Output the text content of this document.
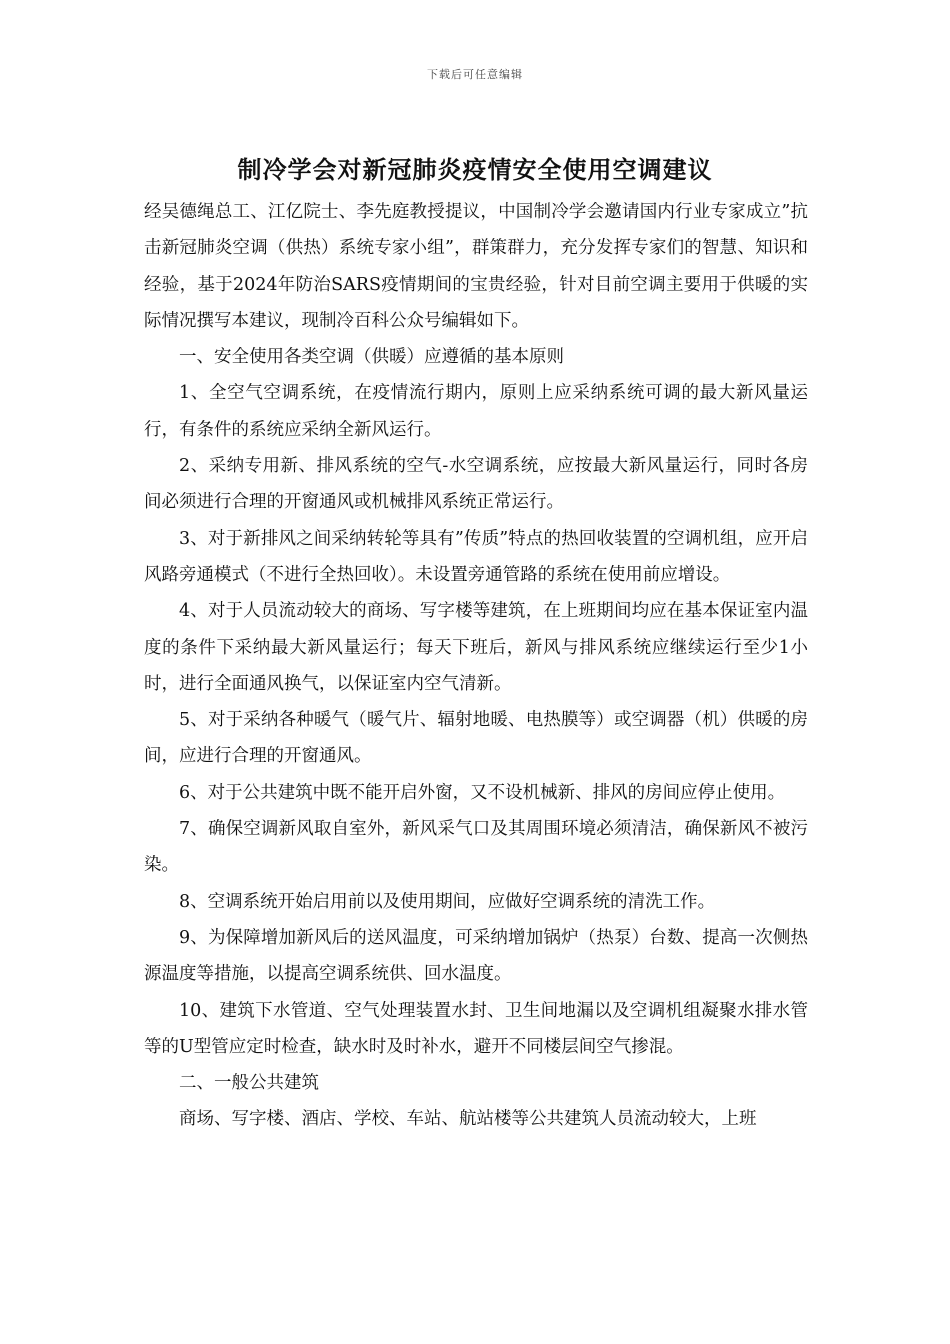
下载后可任意编辑
制冷学会对新冠肺炎疫情安全使用空调建议

经吴德绳总工、江亿院士、李先庭教授提议，中国制冷学会邀请国内行业专家成立”抗击新冠肺炎空调（供热）系统专家小组”，群策群力，充分发挥专家们的智慧、知识和经验，基于2024年防治SARS疫情期间的宝贵经验，针对目前空调主要用于供暖的实际情况撰写本建议，现制冷百科公众号编辑如下。

一、安全使用各类空调（供暖）应遵循的基本原则

1、全空气空调系统，在疫情流行期内，原则上应采纳系统可调的最大新风量运行，有条件的系统应采纳全新风运行。

2、采纳专用新、排风系统的空气-水空调系统，应按最大新风量运行，同时各房间必须进行合理的开窗通风或机械排风系统正常运行。

3、对于新排风之间采纳转轮等具有”传质”特点的热回收装置的空调机组，应开启风路旁通模式（不进行全热回收）。未设置旁通管路的系统在使用前应增设。

4、对于人员流动较大的商场、写字楼等建筑，在上班期间均应在基本保证室内温度的条件下采纳最大新风量运行；每天下班后，新风与排风系统应继续运行至少1小时，进行全面通风换气，以保证室内空气清新。

5、对于采纳各种暖气（暖气片、辐射地暖、电热膜等）或空调器（机）供暖的房间，应进行合理的开窗通风。

6、对于公共建筑中既不能开启外窗，又不设机械新、排风的房间应停止使用。

7、确保空调新风取自室外，新风采气口及其周围环境必须清洁，确保新风不被污染。

8、空调系统开始启用前以及使用期间，应做好空调系统的清洗工作。

9、为保障增加新风后的送风温度，可采纳增加锅炉（热泵）台数、提高一次侧热源温度等措施，以提高空调系统供、回水温度。

10、建筑下水管道、空气处理装置水封、卫生间地漏以及空调机组凝聚水排水管等的U型管应定时检查，缺水时及时补水，避开不同楼层间空气掺混。

二、一般公共建筑

商场、写字楼、酒店、学校、车站、航站楼等公共建筑人员流动较大，上班
